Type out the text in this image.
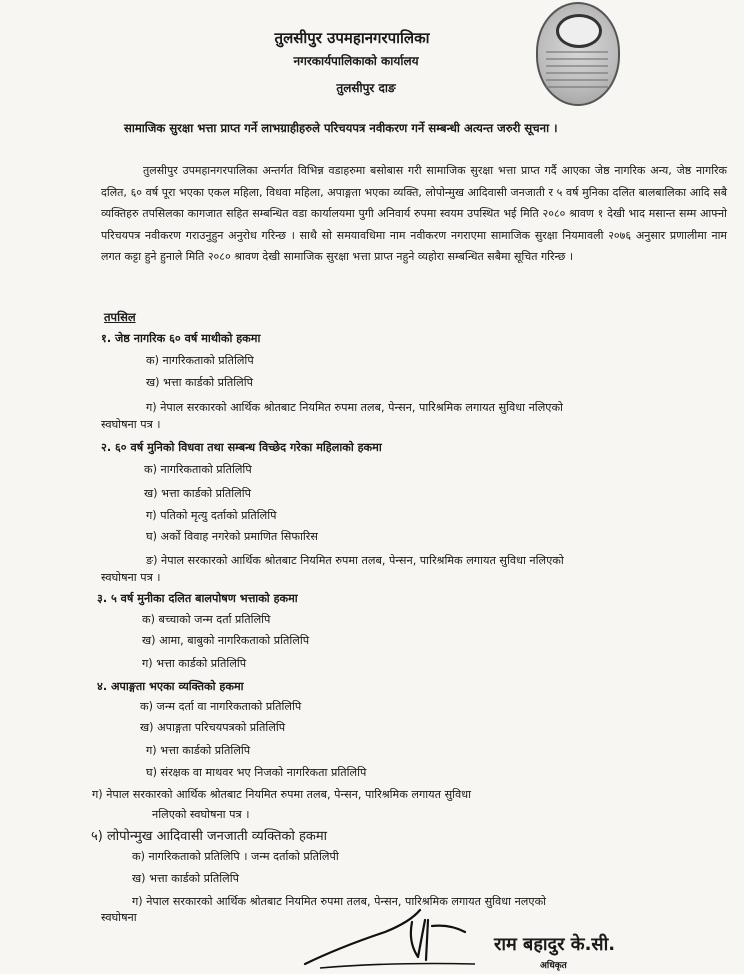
तुलसीपुर उपमहानगरपालिका
नगरकार्यपालिकाको कार्यालय
तुलसीपुर दाङ
सामाजिक सुरक्षा भत्ता प्राप्त गर्ने लाभग्राहीहरुले परिचयपत्र नवीकरण गर्ने सम्बन्धी अत्यन्त जरुरी सूचना ।
तुलसीपुर उपमहानगरपालिका अन्तर्गत विभिन्न वडाहरुमा बसोबास गरी सामाजिक सुरक्षा भत्ता प्राप्त गर्दै आएका जेष्ठ नागरिक अन्य, जेष्ठ नागरिक दलित, ६० वर्ष पूरा भएका एकल महिला, विधवा महिला, अपाङ्गता भएका व्यक्ति, लोपोन्मुख आदिवासी जनजाती र ५ वर्ष मुनिका दलित बालबालिका आदि सबै व्यक्तिहरु तपसिलका कागजात सहित सम्बन्धित वडा कार्यालयमा पुगी अनिवार्य रुपमा स्वयम उपस्थित भई मिति २०८० श्रावण १ देखी भाद मसान्त सम्म आफ्नो परिचयपत्र नवीकरण गराउनुहुन अनुरोध गरिन्छ । साथै सो समयावधिमा नाम नवीकरण नगराएमा सामाजिक सुरक्षा नियमावली २०७६ अनुसार प्रणालीमा नाम लगत कट्टा हुने हुनाले मिति २०८० श्रावण देखी सामाजिक सुरक्षा भत्ता प्राप्त नहुने व्यहोरा सम्बन्धित सबैमा सूचित गरिन्छ ।
तपसिल
१. जेष्ठ नागरिक ६० वर्ष माथीको हकमा
क) नागरिकताको प्रतिलिपि
ख) भत्ता कार्डको प्रतिलिपि
ग) नेपाल सरकारको आर्थिक श्रोतबाट नियमित रुपमा तलब, पेन्सन, पारिश्रमिक लगायत सुविधा नलिएको
स्वघोषना पत्र ।
२. ६० वर्ष मुनिको विधवा तथा सम्बन्ध विच्छेद गरेका महिलाको हकमा
क) नागरिकताको प्रतिलिपि
ख) भत्ता कार्डको प्रतिलिपि
ग) पतिको मृत्यु दर्ताको प्रतिलिपि
घ) अर्को विवाह नगरेको प्रमाणित सिफारिस
ङ) नेपाल सरकारको आर्थिक श्रोतबाट नियमित रुपमा तलब, पेन्सन, पारिश्रमिक लगायत सुविधा नलिएको
स्वघोषना पत्र ।
३. ५ वर्ष मुनीका दलित बालपोषण भत्ताको हकमा
क) बच्चाको जन्म दर्ता प्रतिलिपि
ख) आमा, बाबुको नागरिकताको प्रतिलिपि
ग) भत्ता कार्डको प्रतिलिपि
४. अपाङ्गता भएका व्यक्तिको हकमा
क) जन्म दर्ता वा नागरिकताको प्रतिलिपि
ख) अपाङ्गता परिचयपत्रको प्रतिलिपि
ग) भत्ता कार्डको प्रतिलिपि
घ) संरक्षक वा माथवर भए निजको नागरिकता प्रतिलिपि
ग) नेपाल सरकारको आर्थिक श्रोतबाट नियमित रुपमा तलब, पेन्सन, पारिश्रमिक लगायत सुविधा
नलिएको स्वघोषना पत्र ।
५) लोपोन्मुख आदिवासी जनजाती व्यक्तिको हकमा
क) नागरिकताको प्रतिलिपि । जन्म दर्ताको प्रतिलिपी
ख) भत्ता कार्डको प्रतिलिपि
ग) नेपाल सरकारको आर्थिक श्रोतबाट नियमित रुपमा तलब, पेन्सन, पारिश्रमिक लगायत सुविधा नलएको
स्वघोषना
राम बहादुर के.सी.
अधिकृत
